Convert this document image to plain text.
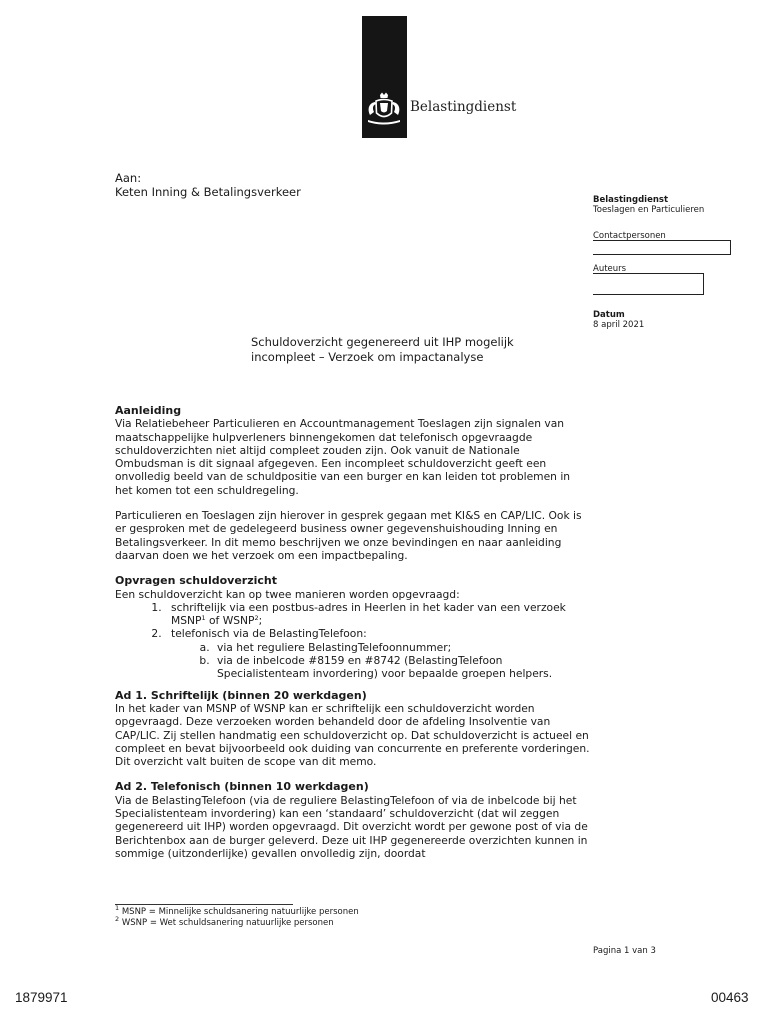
Belastingdienst
Aan:
Keten Inning & Betalingsverkeer
Belastingdienst
Toeslagen en Particulieren
Contactpersonen
Auteurs
Datum
8 april 2021
Schuldoverzicht gegenereerd uit IHP mogelijk
incompleet – Verzoek om impactanalyse
Aanleiding

Via Relatiebeheer Particulieren en Accountmanagement Toeslagen zijn signalen van maatschappelijke hulpverleners binnengekomen dat telefonisch opgevraagde schuldoverzichten niet altijd compleet zouden zijn. Ook vanuit de Nationale Ombudsman is dit signaal afgegeven. Een incompleet schuldoverzicht geeft een onvolledig beeld van de schuldpositie van een burger en kan leiden tot problemen in het komen tot een schuldregeling.

Particulieren en Toeslagen zijn hierover in gesprek gegaan met KI&S en CAP/LIC. Ook is er gesproken met de gedelegeerd business owner gegevenshuishouding Inning en Betalingsverkeer. In dit memo beschrijven we onze bevindingen en naar aanleiding daarvan doen we het verzoek om een impactbepaling.

Opvragen schuldoverzicht

Een schuldoverzicht kan op twee manieren worden opgevraagd:

1. schriftelijk via een postbus-adres in Heerlen in het kader van een verzoek MSNP$^1$ of WSNP$^2$;
2. telefonisch via de BelastingTelefoon:
a. via het reguliere BelastingTelefoonnummer;
b. via de inbelcode #8159 en #8742 (BelastingTelefoon Specialistenteam invordering) voor bepaalde groepen helpers.
Ad 1. Schriftelijk (binnen 20 werkdagen)

In het kader van MSNP of WSNP kan er schriftelijk een schuldoverzicht worden opgevraagd. Deze verzoeken worden behandeld door de afdeling Insolventie van CAP/LIC. Zij stellen handmatig een schuldoverzicht op. Dat schuldoverzicht is actueel en compleet en bevat bijvoorbeeld ook duiding van concurrente en preferente vorderingen. Dit overzicht valt buiten de scope van dit memo.

Ad 2. Telefonisch (binnen 10 werkdagen)

Via de BelastingTelefoon (via de reguliere BelastingTelefoon of via de inbelcode bij het Specialistenteam invordering) kan een ‘standaard’ schuldoverzicht (dat wil zeggen gegenereerd uit IHP) worden opgevraagd. Dit overzicht wordt per gewone post of via de Berichtenbox aan de burger geleverd. Deze uit IHP gegenereerde overzichten kunnen in sommige (uitzonderlijke) gevallen onvolledig zijn, doordat

$^1$ MSNP = Minnelijke schuldsanering natuurlijke personen
$^2$ WSNP = Wet schuldsanering natuurlijke personen
Pagina 1 van 3
1879971	00463
